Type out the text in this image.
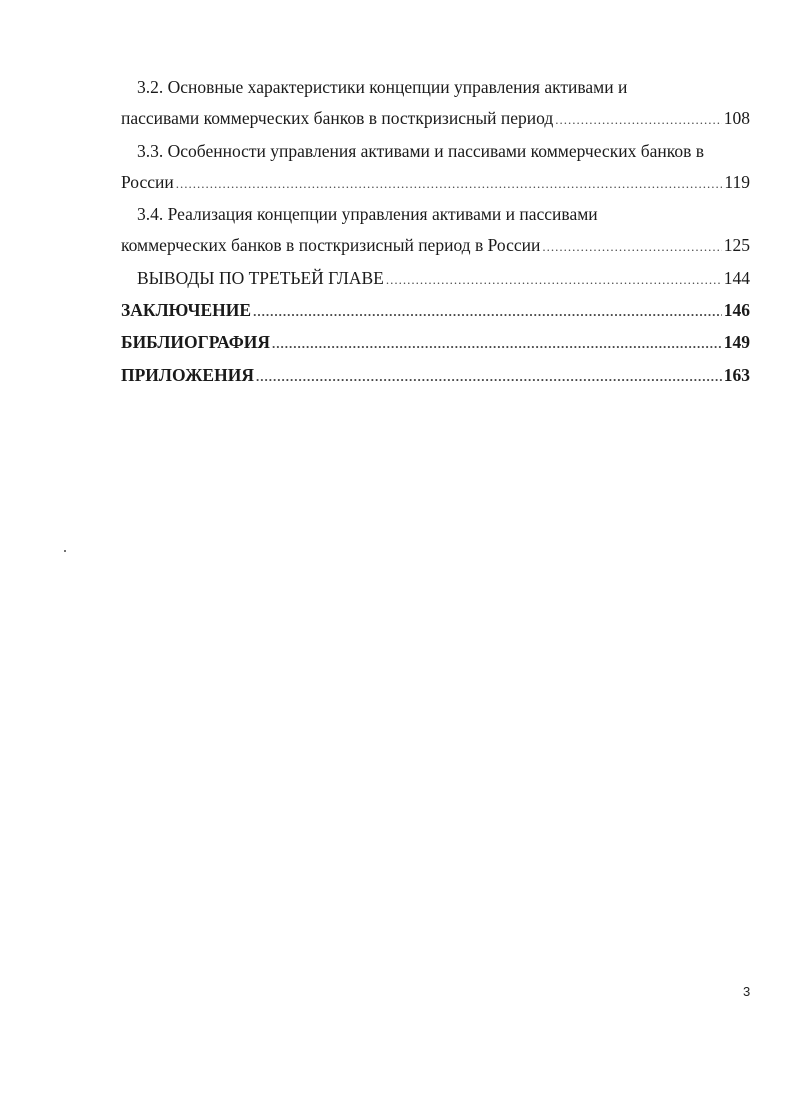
3.2. Основные характеристики концепции управления активами и
пассивами коммерческих банков в посткризисный период .....	108
3.3. Особенности управления активами и пассивами коммерческих банков в
России .....	119
3.4. Реализация концепции управления активами и пассивами
коммерческих банков в посткризисный период в России .....	125
ВЫВОДЫ ПО ТРЕТЬЕЙ ГЛАВЕ .....	144
ЗАКЛЮЧЕНИЕ .....	146
БИБЛИОГРАФИЯ .....	149
ПРИЛОЖЕНИЯ .....	163
3
